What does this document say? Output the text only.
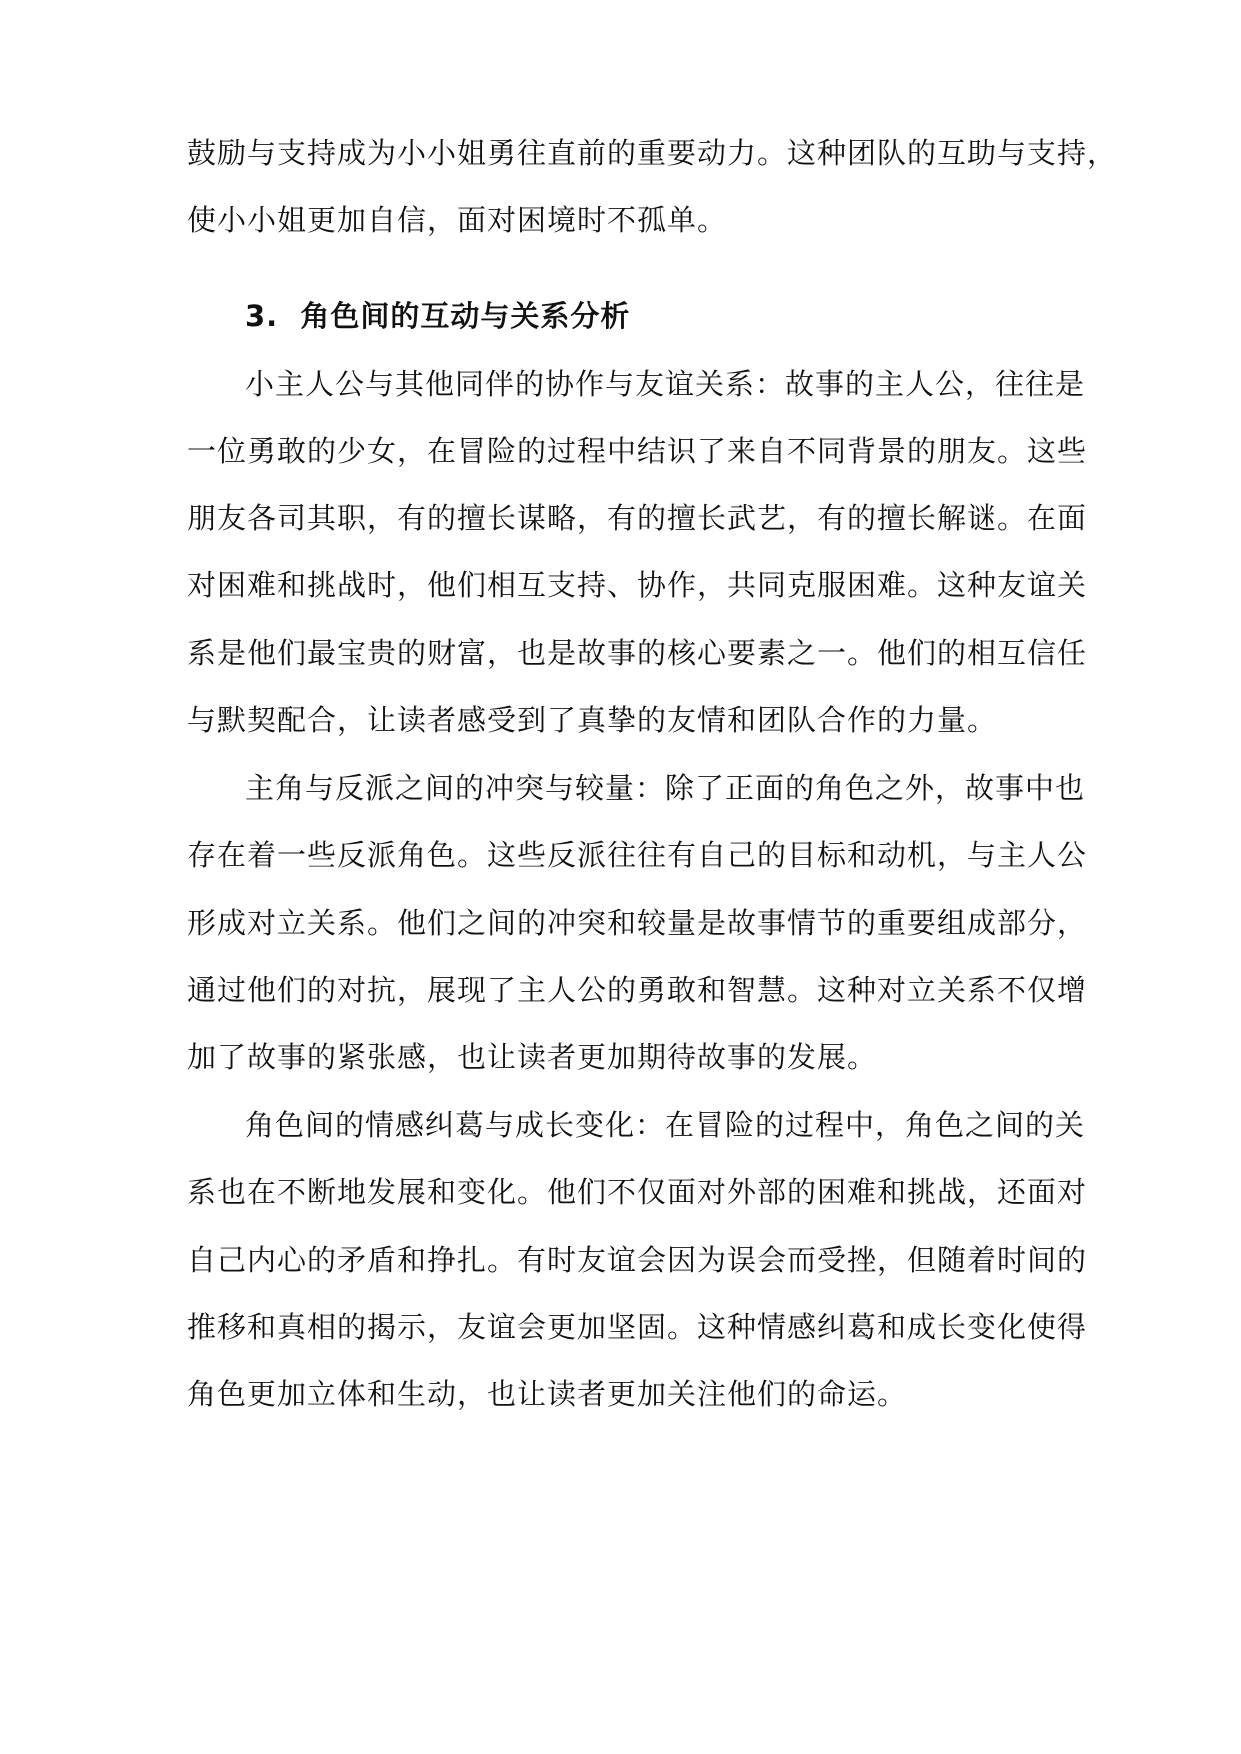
鼓励与支持成为小小姐勇往直前的重要动力。这种团队的互助与支持，
使小小姐更加自信，面对困境时不孤单。
3. 角色间的互动与关系分析
小主人公与其他同伴的协作与友谊关系：故事的主人公，往往是
一位勇敢的少女，在冒险的过程中结识了来自不同背景的朋友。这些
朋友各司其职，有的擅长谋略，有的擅长武艺，有的擅长解谜。在面
对困难和挑战时，他们相互支持、协作，共同克服困难。这种友谊关
系是他们最宝贵的财富，也是故事的核心要素之一。他们的相互信任
与默契配合，让读者感受到了真挚的友情和团队合作的力量。
主角与反派之间的冲突与较量：除了正面的角色之外，故事中也
存在着一些反派角色。这些反派往往有自己的目标和动机，与主人公
形成对立关系。他们之间的冲突和较量是故事情节的重要组成部分，
通过他们的对抗，展现了主人公的勇敢和智慧。这种对立关系不仅增
加了故事的紧张感，也让读者更加期待故事的发展。
角色间的情感纠葛与成长变化：在冒险的过程中，角色之间的关
系也在不断地发展和变化。他们不仅面对外部的困难和挑战，还面对
自己内心的矛盾和挣扎。有时友谊会因为误会而受挫，但随着时间的
推移和真相的揭示，友谊会更加坚固。这种情感纠葛和成长变化使得
角色更加立体和生动，也让读者更加关注他们的命运。
